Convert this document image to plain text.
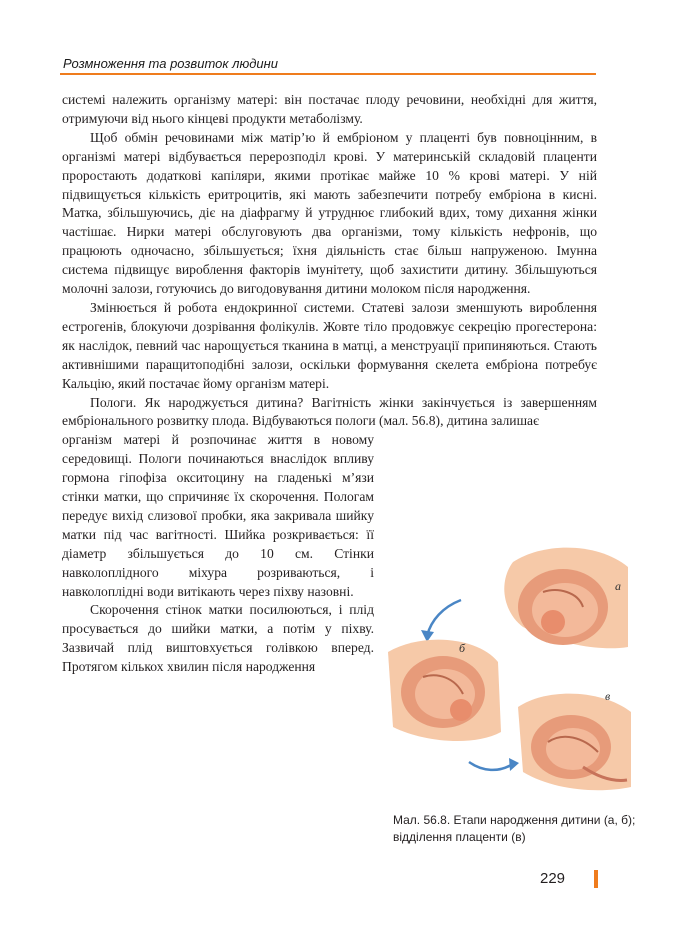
Розмноження та розвиток людини

системі належить організму матері: він постачає плоду речовини, необхідні для життя, отримуючи від нього кінцеві продукти метаболізму.

Щоб обмін речовинами між матір’ю й ембріоном у плаценті був повноцінним, в організмі матері відбувається перерозподіл крові. У материнській складовій плаценти проростають додаткові капіляри, якими протікає майже 10 % крові матері. У ній підвищується кількість еритроцитів, які мають забезпечити потребу ембріона в кисні. Матка, збільшуючись, діє на діафрагму й утруднює глибокий вдих, тому дихання жінки частішає. Нирки матері обслуговують два організми, тому кількість нефронів, що працюють одночасно, збільшується; їхня діяльність стає більш напруженою. Імунна система підвищує вироблення факторів імунітету, щоб захистити дитину. Збільшуються молочні залози, готуючись до вигодовування дитини молоком після народження.

Змінюється й робота ендокринної системи. Статеві залози зменшують вироблення естрогенів, блокуючи дозрівання фолікулів. Жовте тіло продовжує секрецію прогестерона: як наслідок, певний час нарощується тканина в матці, а менструації припиняються. Стають активнішими паращитоподібні залози, оскільки формування скелета ембріона потребує Кальцію, який постачає йому організм матері.

Пологи. Як народжується дитина? Вагітність жінки закінчується із завершенням ембріонального розвитку плода. Відбуваються пологи (мал. 56.8), дитина залишає

організм матері й розпочинає життя в новому середовищі. Пологи починаються внаслідок впливу гормона гіпофіза окситоцину на гладенькі м’язи стінки матки, що спричиняє їх скорочення. Пологам передує вихід слизової пробки, яка закривала шийку матки під час вагітності. Шийка розкривається: її діаметр збільшується до 10 см. Стінки навколоплідного міхура розриваються, і навколоплідні води витікають через піхву назовні.

Скорочення стінок матки посилюються, і плід просувається до шийки матки, а потім у піхву. Зазвичай плід виштовхується голівкою вперед. Протягом кількох хвилин після народження

а
б
в
Мал. 56.8. Етапи народження дитини (а, б); відділення плаценти (в)
229
